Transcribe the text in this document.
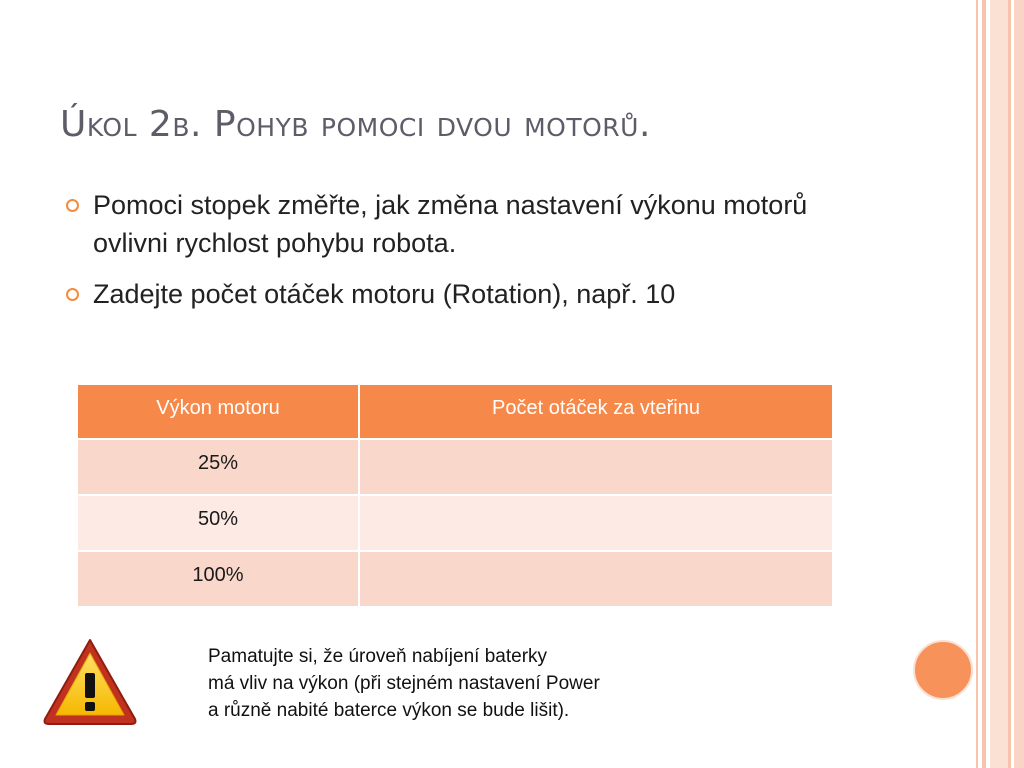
Úkol 2b. Pohyb pomoci dvou motorů.
Pomoci stopek změřte, jak změna nastavení výkonu motorů ovlivni rychlost pohybu robota.
Zadejte počet otáček motoru (Rotation), např. 10
Výkon motoru	Počet otáček za vteřinu
25%	
50%	
100%	

Pamatujte si, že úroveň nabíjení baterky
má vliv na výkon (při stejném nastavení Power
a různě nabité baterce výkon se bude lišit).
